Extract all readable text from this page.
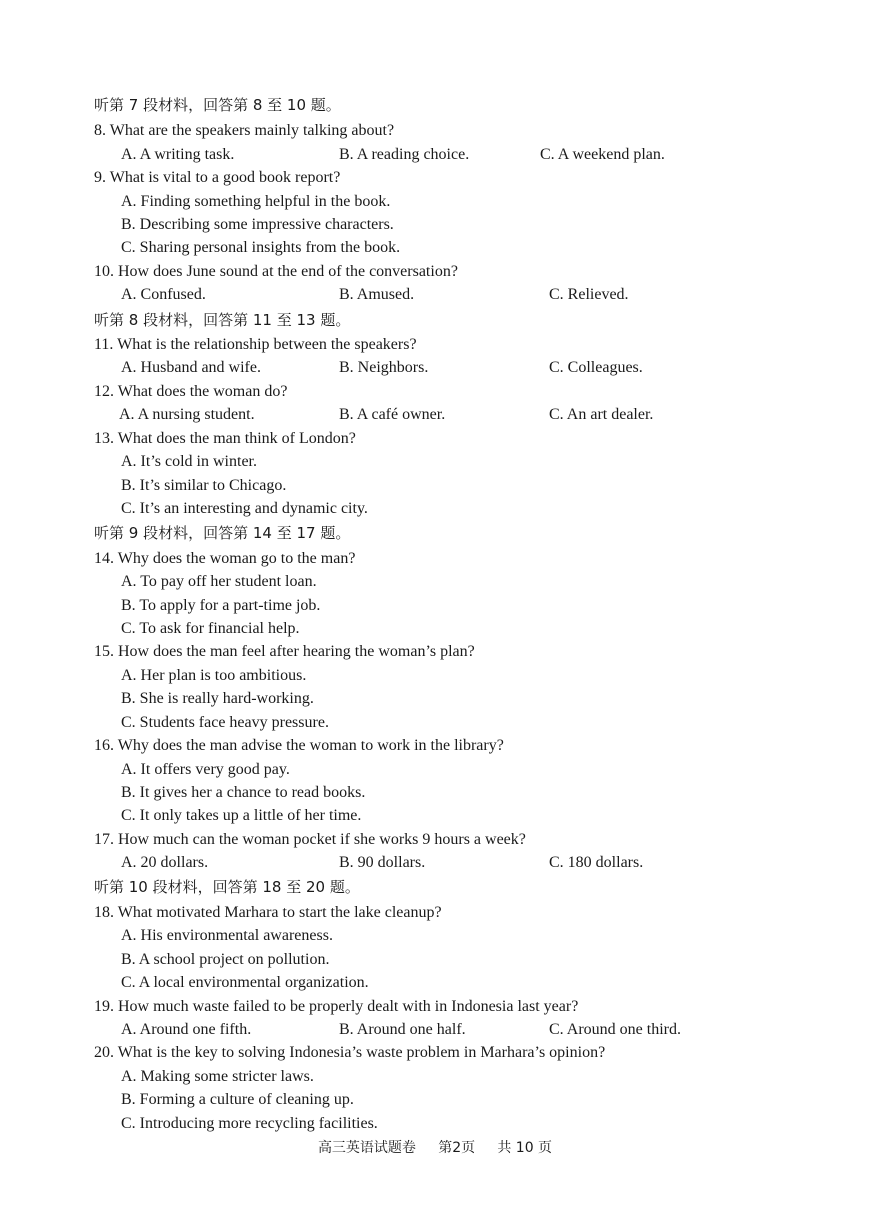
听第 7 段材料，回答第 8 至 10 题。
8. What are the speakers mainly talking about?
A. A writing task.	B. A reading choice.	C. A weekend plan.
9. What is vital to a good book report?
A. Finding something helpful in the book.
B. Describing some impressive characters.
C. Sharing personal insights from the book.
10. How does June sound at the end of the conversation?
A. Confused.	B. Amused.	C. Relieved.
听第 8 段材料，回答第 11 至 13 题。
11. What is the relationship between the speakers?
A. Husband and wife.	B. Neighbors.	C. Colleagues.
12. What does the woman do?
A. A nursing student.	B. A café owner.	C. An art dealer.
13. What does the man think of London?
A. It’s cold in winter.
B. It’s similar to Chicago.
C. It’s an interesting and dynamic city.
听第 9 段材料，回答第 14 至 17 题。
14. Why does the woman go to the man?
A. To pay off her student loan.
B. To apply for a part-time job.
C. To ask for financial help.
15. How does the man feel after hearing the woman’s plan?
A. Her plan is too ambitious.
B. She is really hard-working.
C. Students face heavy pressure.
16. Why does the man advise the woman to work in the library?
A. It offers very good pay.
B. It gives her a chance to read books.
C. It only takes up a little of her time.
17. How much can the woman pocket if she works 9 hours a week?
A. 20 dollars.	B. 90 dollars.	C. 180 dollars.
听第 10 段材料，回答第 18 至 20 题。
18. What motivated Marhara to start the lake cleanup?
A. His environmental awareness.
B. A school project on pollution.
C. A local environmental organization.
19. How much waste failed to be properly dealt with in Indonesia last year?
A. Around one fifth.	B. Around one half.	C. Around one third.
20. What is the key to solving Indonesia’s waste problem in Marhara’s opinion?
A. Making some stricter laws.
B. Forming a culture of cleaning up.
C. Introducing more recycling facilities.
高三英语试题卷     第2页     共 10 页
